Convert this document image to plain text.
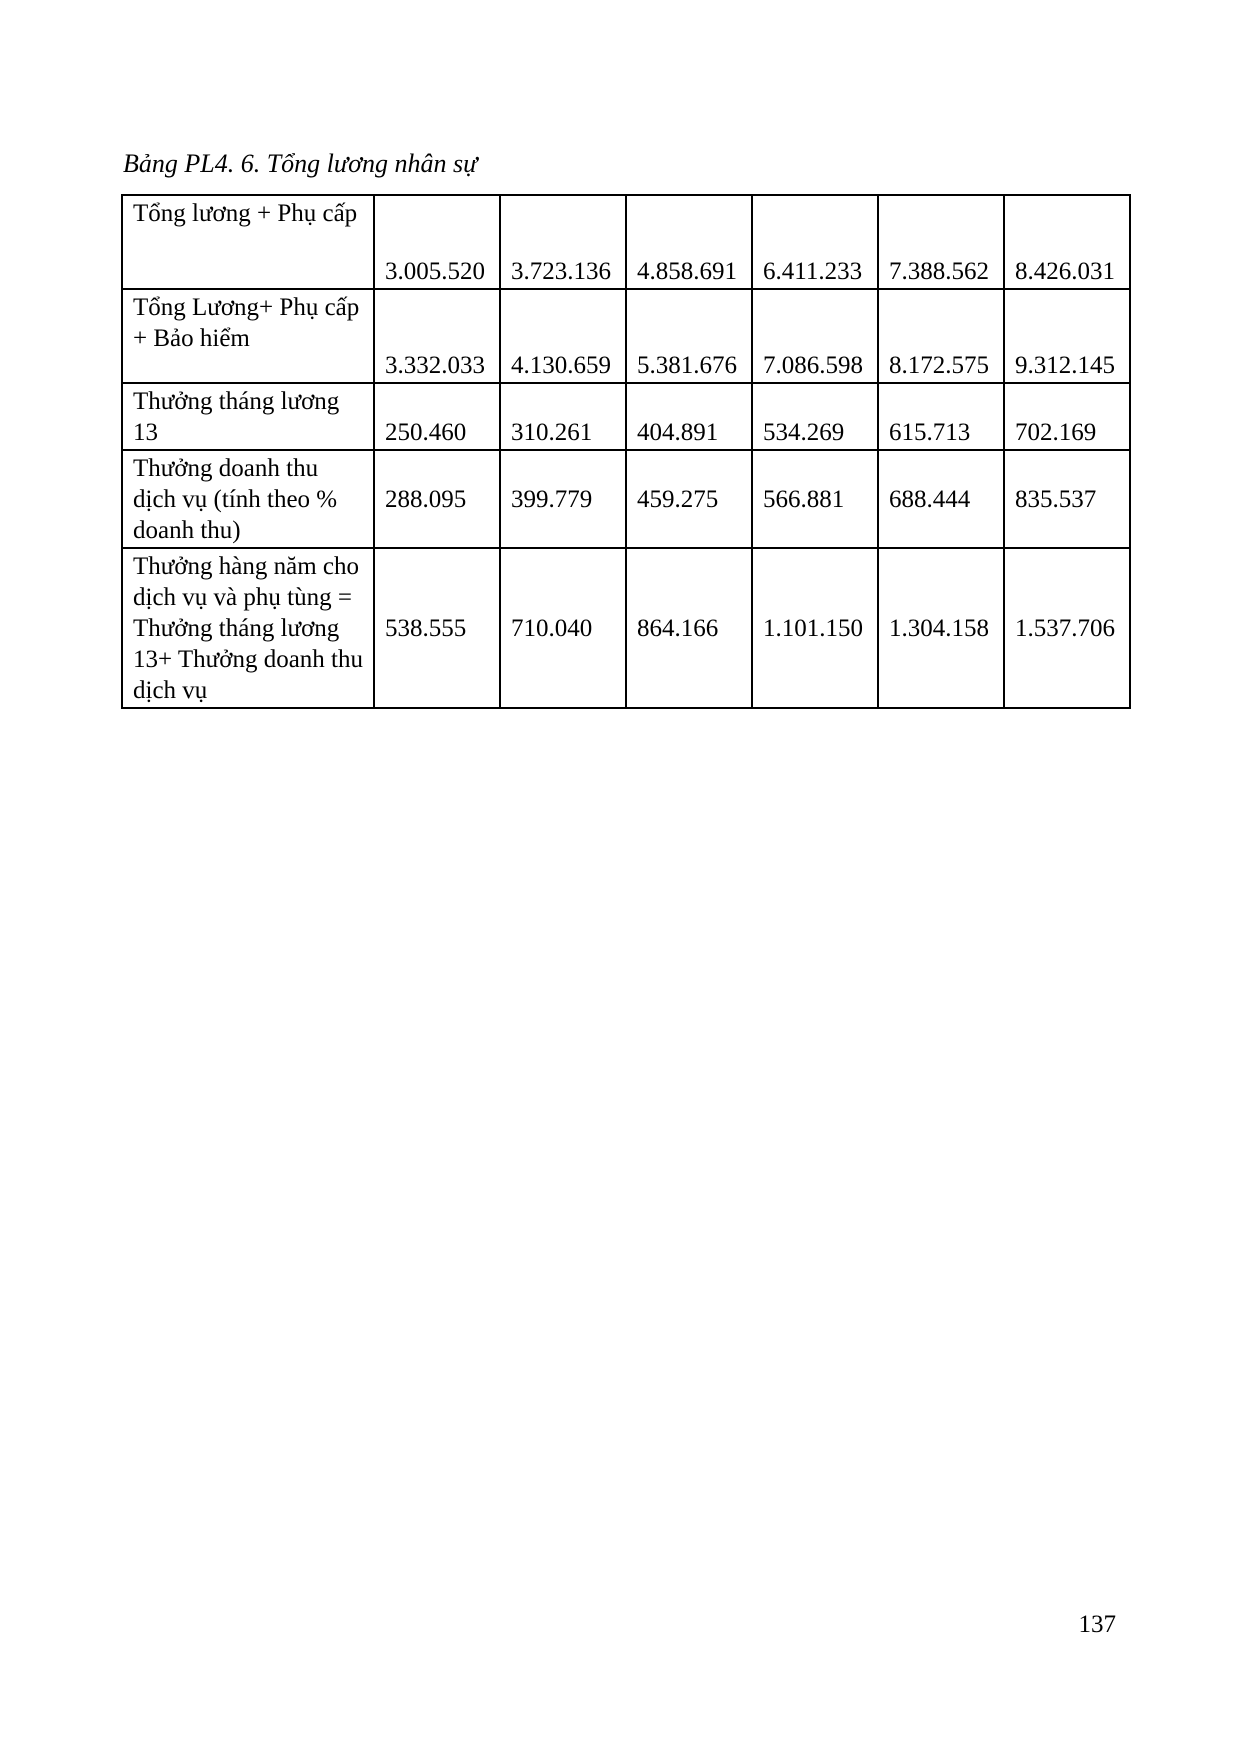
Bảng PL4. 6. Tổng lương nhân sự

Tổng lương + Phụ cấp	3.005.520	3.723.136	4.858.691	6.411.233	7.388.562	8.426.031
Tổng Lương+ Phụ cấp + Bảo hiểm	3.332.033	4.130.659	5.381.676	7.086.598	8.172.575	9.312.145
Thưởng tháng lương 13	250.460	310.261	404.891	534.269	615.713	702.169
Thưởng doanh thu dịch vụ (tính theo % doanh thu)	288.095	399.779	459.275	566.881	688.444	835.537
Thưởng hàng năm cho dịch vụ và phụ tùng = Thưởng tháng lương 13+ Thưởng doanh thu dịch vụ	538.555	710.040	864.166	1.101.150	1.304.158	1.537.706
137
